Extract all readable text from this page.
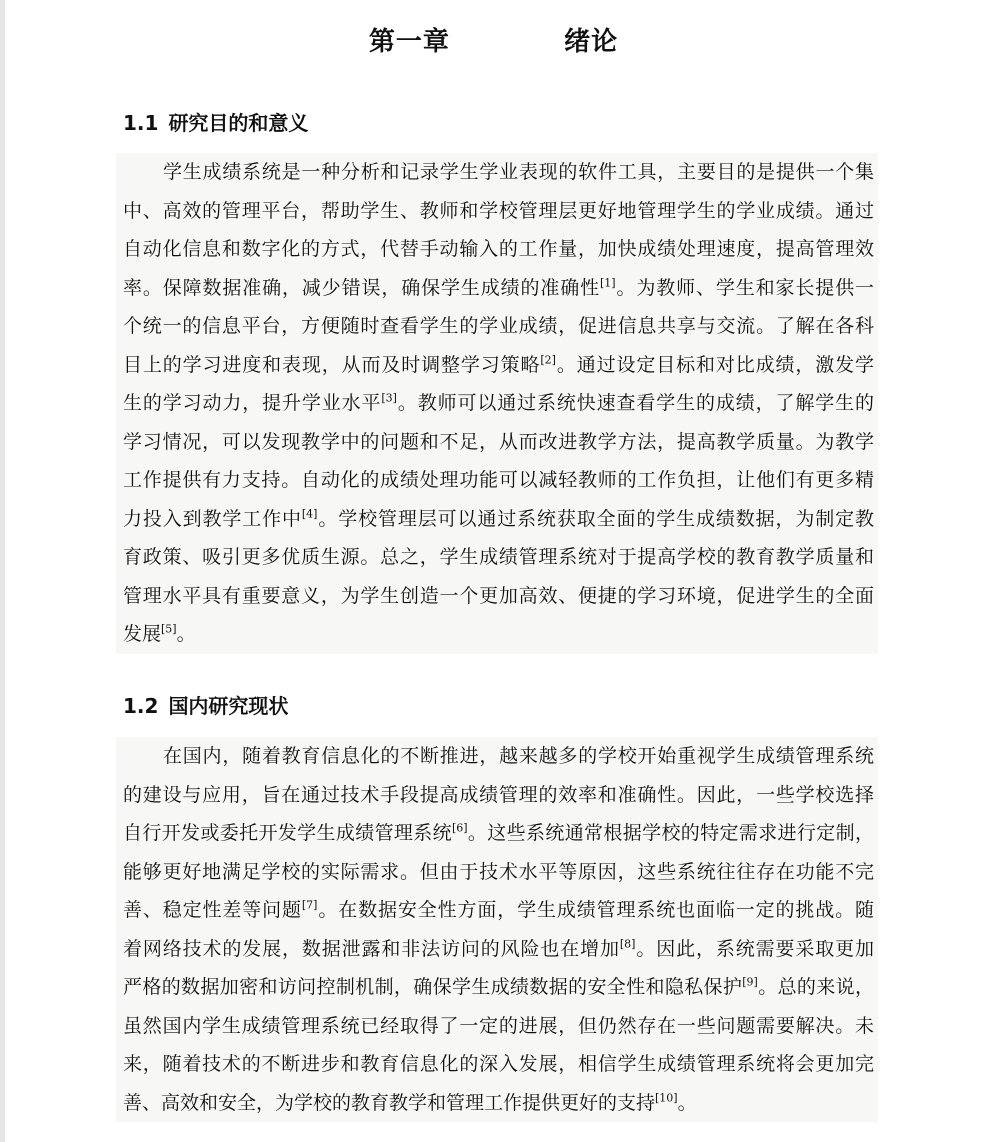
第一章   绪论
1.1 研究目的和意义
学生成绩系统是一种分析和记录学生学业表现的软件工具，主要目的是提供一个集
中、高效的管理平台，帮助学生、教师和学校管理层更好地管理学生的学业成绩。通过
自动化信息和数字化的方式，代替手动输入的工作量，加快成绩处理速度，提高管理效
率。保障数据准确，减少错误，确保学生成绩的准确性[1]。为教师、学生和家长提供一
个统一的信息平台，方便随时查看学生的学业成绩，促进信息共享与交流。了解在各科
目上的学习进度和表现，从而及时调整学习策略[2]。通过设定目标和对比成绩，激发学
生的学习动力，提升学业水平[3]。教师可以通过系统快速查看学生的成绩，了解学生的
学习情况，可以发现教学中的问题和不足，从而改进教学方法，提高教学质量。为教学
工作提供有力支持。自动化的成绩处理功能可以减轻教师的工作负担，让他们有更多精
力投入到教学工作中[4]。学校管理层可以通过系统获取全面的学生成绩数据，为制定教
育政策、吸引更多优质生源。总之，学生成绩管理系统对于提高学校的教育教学质量和
管理水平具有重要意义，为学生创造一个更加高效、便捷的学习环境，促进学生的全面
发展[5]。
1.2 国内研究现状
在国内，随着教育信息化的不断推进，越来越多的学校开始重视学生成绩管理系统
的建设与应用，旨在通过技术手段提高成绩管理的效率和准确性。因此，一些学校选择
自行开发或委托开发学生成绩管理系统[6]。这些系统通常根据学校的特定需求进行定制，
能够更好地满足学校的实际需求。但由于技术水平等原因，这些系统往往存在功能不完
善、稳定性差等问题[7]。在数据安全性方面，学生成绩管理系统也面临一定的挑战。随
着网络技术的发展，数据泄露和非法访问的风险也在增加[8]。因此，系统需要采取更加
严格的数据加密和访问控制机制，确保学生成绩数据的安全性和隐私保护[9]。总的来说，
虽然国内学生成绩管理系统已经取得了一定的进展，但仍然存在一些问题需要解决。未
来，随着技术的不断进步和教育信息化的深入发展，相信学生成绩管理系统将会更加完
善、高效和安全，为学校的教育教学和管理工作提供更好的支持[10]。
